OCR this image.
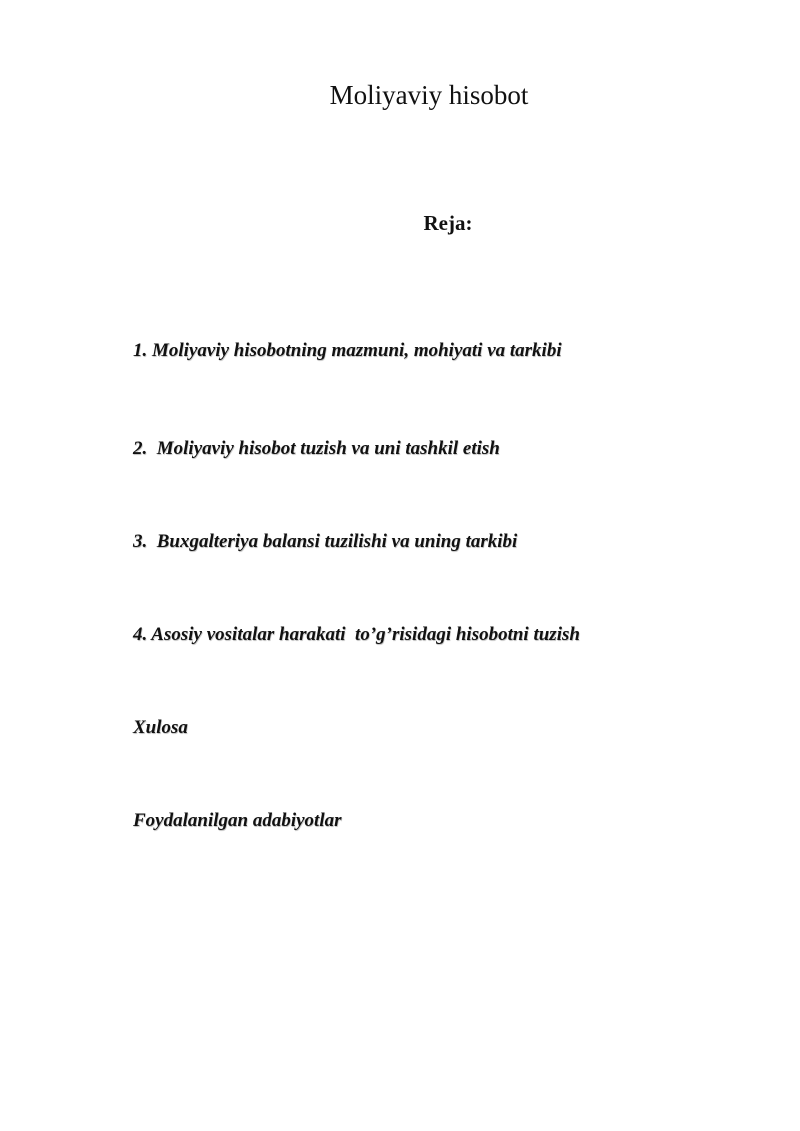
Moliyaviy hisobot
Reja:

1. Moliyaviy hisobotning mazmuni, mohiyati va tarkibi

2.  Moliyaviy hisobot tuzish va uni tashkil etish

3.  Buxgalteriya balansi tuzilishi va uning tarkibi

4. Asosiy vositalar harakati  to’g’risidagi hisobotni tuzish

Xulosa

Foydalanilgan adabiyotlar
